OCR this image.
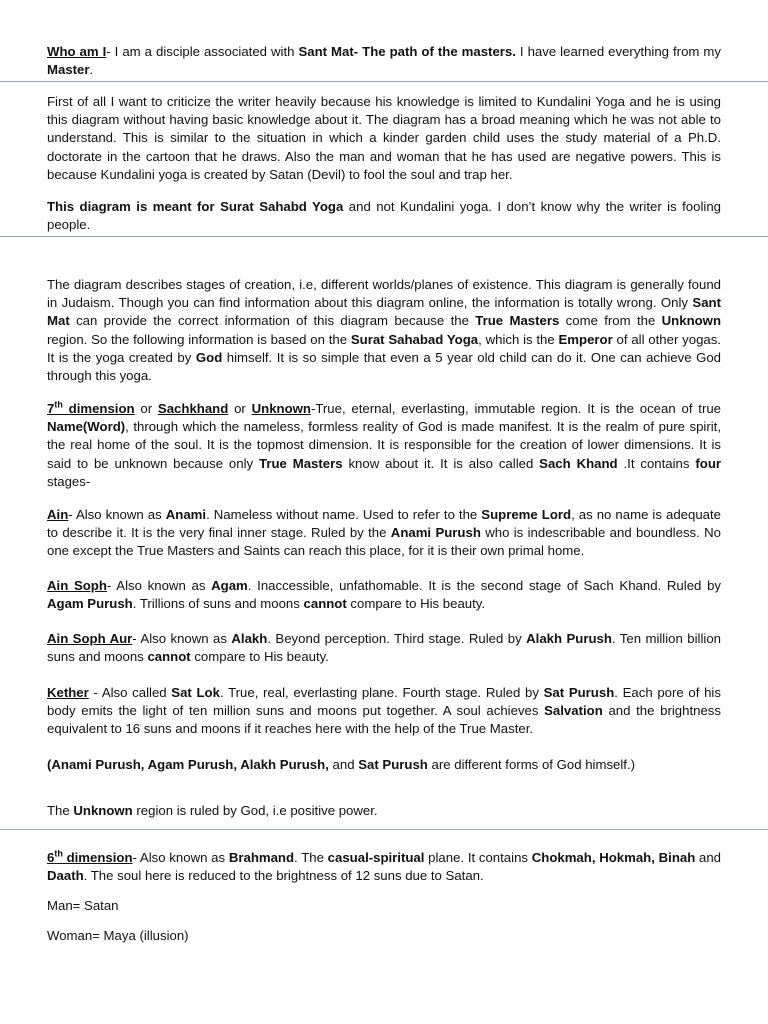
Who am I- I am a disciple associated with Sant Mat- The path of the masters. I have learned everything from my Master.

First of all I want to criticize the writer heavily because his knowledge is limited to Kundalini Yoga and he is using this diagram without having basic knowledge about it. The diagram has a broad meaning which he was not able to understand. This is similar to the situation in which a kinder garden child uses the study material of a Ph.D. doctorate in the cartoon that he draws. Also the man and woman that he has used are negative powers. This is because Kundalini yoga is created by Satan (Devil) to fool the soul and trap her.

This diagram is meant for Surat Sahabd Yoga and not Kundalini yoga. I don’t know why the writer is fooling people.

The diagram describes stages of creation, i.e, different worlds/planes of existence. This diagram is generally found in Judaism. Though you can find information about this diagram online, the information is totally wrong. Only Sant Mat can provide the correct information of this diagram because the True Masters come from the Unknown region. So the following information is based on the Surat Sahabad Yoga, which is the Emperor of all other yogas. It is the yoga created by God himself. It is so simple that even a 5 year old child can do it. One can achieve God through this yoga.

7th dimension or Sachkhand or Unknown-True, eternal, everlasting, immutable region. It is the ocean of true Name(Word), through which the nameless, formless reality of God is made manifest. It is the realm of pure spirit, the real home of the soul. It is the topmost dimension. It is responsible for the creation of lower dimensions. It is said to be unknown because only True Masters know about it. It is also called Sach Khand .It contains four stages-

Ain- Also known as Anami. Nameless without name. Used to refer to the Supreme Lord, as no name is adequate to describe it. It is the very final inner stage. Ruled by the Anami Purush who is indescribable and boundless. No one except the True Masters and Saints can reach this place, for it is their own primal home.

Ain Soph- Also known as Agam. Inaccessible, unfathomable. It is the second stage of Sach Khand. Ruled by Agam Purush. Trillions of suns and moons cannot compare to His beauty.

Ain Soph Aur- Also known as Alakh. Beyond perception. Third stage. Ruled by Alakh Purush. Ten million billion suns and moons cannot compare to His beauty.

Kether - Also called Sat Lok. True, real, everlasting plane. Fourth stage. Ruled by Sat Purush. Each pore of his body emits the light of ten million suns and moons put together. A soul achieves Salvation and the brightness equivalent to 16 suns and moons if it reaches here with the help of the True Master.

(Anami Purush, Agam Purush, Alakh Purush, and Sat Purush are different forms of God himself.)

The Unknown region is ruled by God, i.e positive power.

6th dimension- Also known as Brahmand. The casual-spiritual plane. It contains Chokmah, Hokmah, Binah and Daath. The soul here is reduced to the brightness of 12 suns due to Satan.

Man= Satan

Woman= Maya (illusion)
